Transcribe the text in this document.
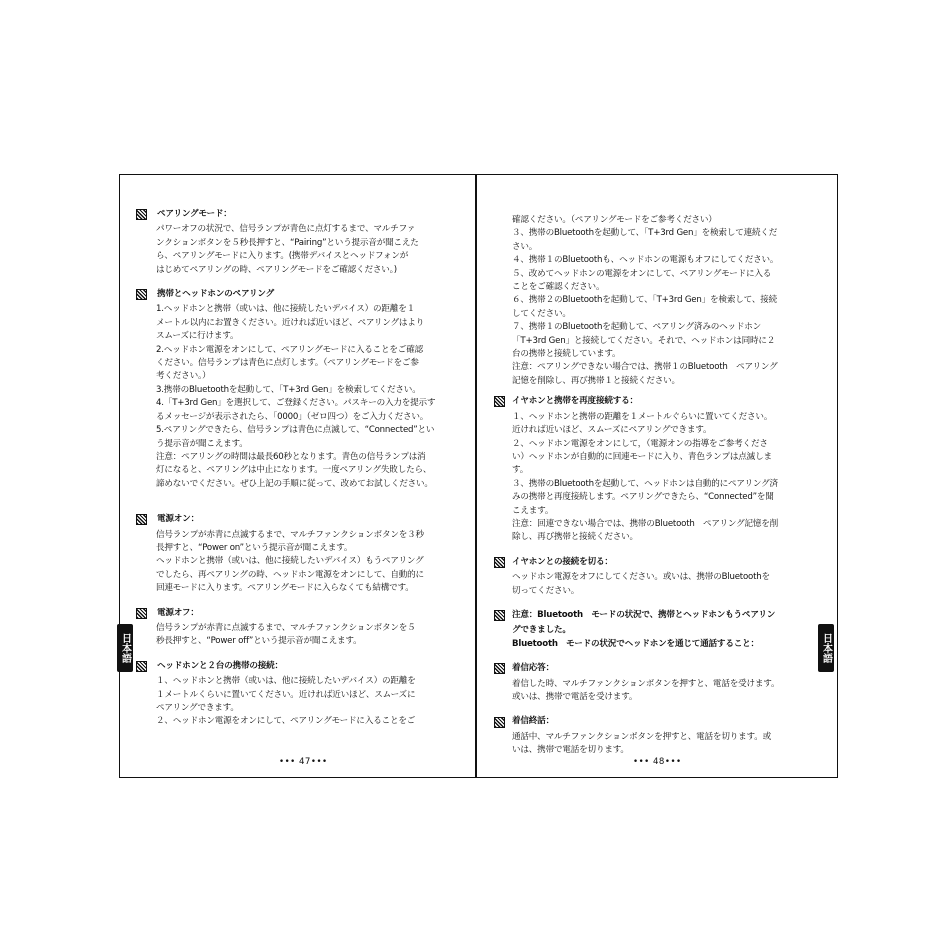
日本語	日本語
ペアリングモード：

パワーオフの状況で、信号ランプが青色に点灯するまで、マルチファ

ンクションボタンを５秒長押すと、“Pairing”という提示音が聞こえた

ら、ペアリングモードに入ります。(携帯デバイスとヘッドフォンが

はじめてペアリングの時、ペアリングモードをご確認ください。)

携帯とヘッドホンのペアリング

1.ヘッドホンと携帯（或いは、他に接続したいデバイス）の距離を１

メートル以内にお置きください。近ければ近いほど、ペアリングはより

スムーズに行けます。

2.ヘッドホン電源をオンにして、ペアリングモードに入ることをご確認

ください。信号ランプは青色に点灯します。（ペアリングモードをご参

考ください。）

3.携帯のBluetoothを起動して、「T+3rd Gen」を検索してください。

4.「T+3rd Gen」を選択して、ご登録ください。パスキーの入力を提示す

るメッセージが表示されたら、「0000」（ゼロ四つ）をご入力ください。

5.ペアリングできたら、信号ランプは青色に点滅して、“Connected”とい

う提示音が聞こえます。

注意：ペアリングの時間は最長60秒となります。青色の信号ランプは消

灯になると、ペアリングは中止になります。一度ペアリング失敗したら、

諦めないでください。ぜひ上記の手順に従って、改めてお試しください。

電源オン：

信号ランプが赤青に点滅するまで、マルチファンクションボタンを３秒

長押すと、“Power on”という提示音が聞こえます。

ヘッドホンと携帯（或いは、他に接続したいデバイス）もうペアリング

でしたら、再ペアリングの時、ヘッドホン電源をオンにして、自動的に

回連モードに入ります。ペアリングモードに入らなくても結構です。

電源オフ：

信号ランプが赤青に点滅するまで、マルチファンクションボタンを５

秒長押すと、“Power off”という提示音が聞こえます。

ヘッドホンと２台の携帯の接続：

１、ヘッドホンと携帯（或いは、他に接続したいデバイス）の距離を

１メートルくらいに置いてください。近ければ近いほど、スムーズに

ペアリングできます。

２、ヘッドホン電源をオンにして、ペアリングモードに入ることをご

••• 47•••

確認ください。（ペアリングモードをご参考ください）

３、携帯のBluetoothを起動して、「T+3rd Gen」を検索して連続くだ

さい。

４、携帯１のBluetoothも、ヘッドホンの電源もオフにしてください。

５、改めてヘッドホンの電源をオンにして、ペアリングモードに入る

ことをご確認ください。

６、携帯２のBluetoothを起動して、「T+3rd Gen」を検索して、接続

してください。

７、携帯１のBluetoothを起動して、ペアリング済みのヘッドホン

「T+3rd Gen」と接続してください。それで、ヘッドホンは同時に２

台の携帯と接続しています。

注意：ペアリングできない場合では、携帯１のBluetooth　ペアリング

記憶を削除し、再び携帯１と接続ください。

イヤホンと携帯を再度接続する：

１、ヘッドホンと携帯の距離を１メートルぐらいに置いてください。

近ければ近いほど、スムーズにペアリングできます。

２、ヘッドホン電源をオンにして，（電源オンの指導をご参考くださ

い）ヘッドホンが自動的に回連モードに入り、青色ランプは点滅しま

す。

３、携帯のBluetoothを起動して、ヘッドホンは自動的にペアリング済

みの携帯と再度接続します。ペアリングできたら、“Connected”を聞

こえます。

注意：回連できない場合では、携帯のBluetooth　ペアリング記憶を削

除し、再び携帯と接続ください。

イヤホンとの接続を切る：

ヘッドホン電源をオフにしてください。或いは、携帯のBluetoothを

切ってください。

注意：Bluetooth　モードの状況で、携帯とヘッドホンもうペアリン

グできました。

Bluetooth　モードの状況でヘッドホンを通じて通話すること：

着信応答：

着信した時、マルチファンクションボタンを押すと、電話を受けます。

或いは、携帯で電話を受けます。

着信終話：

通話中、マルチファンクションボタンを押すと、電話を切ります。或

いは、携帯で電話を切ります。

••• 48•••
